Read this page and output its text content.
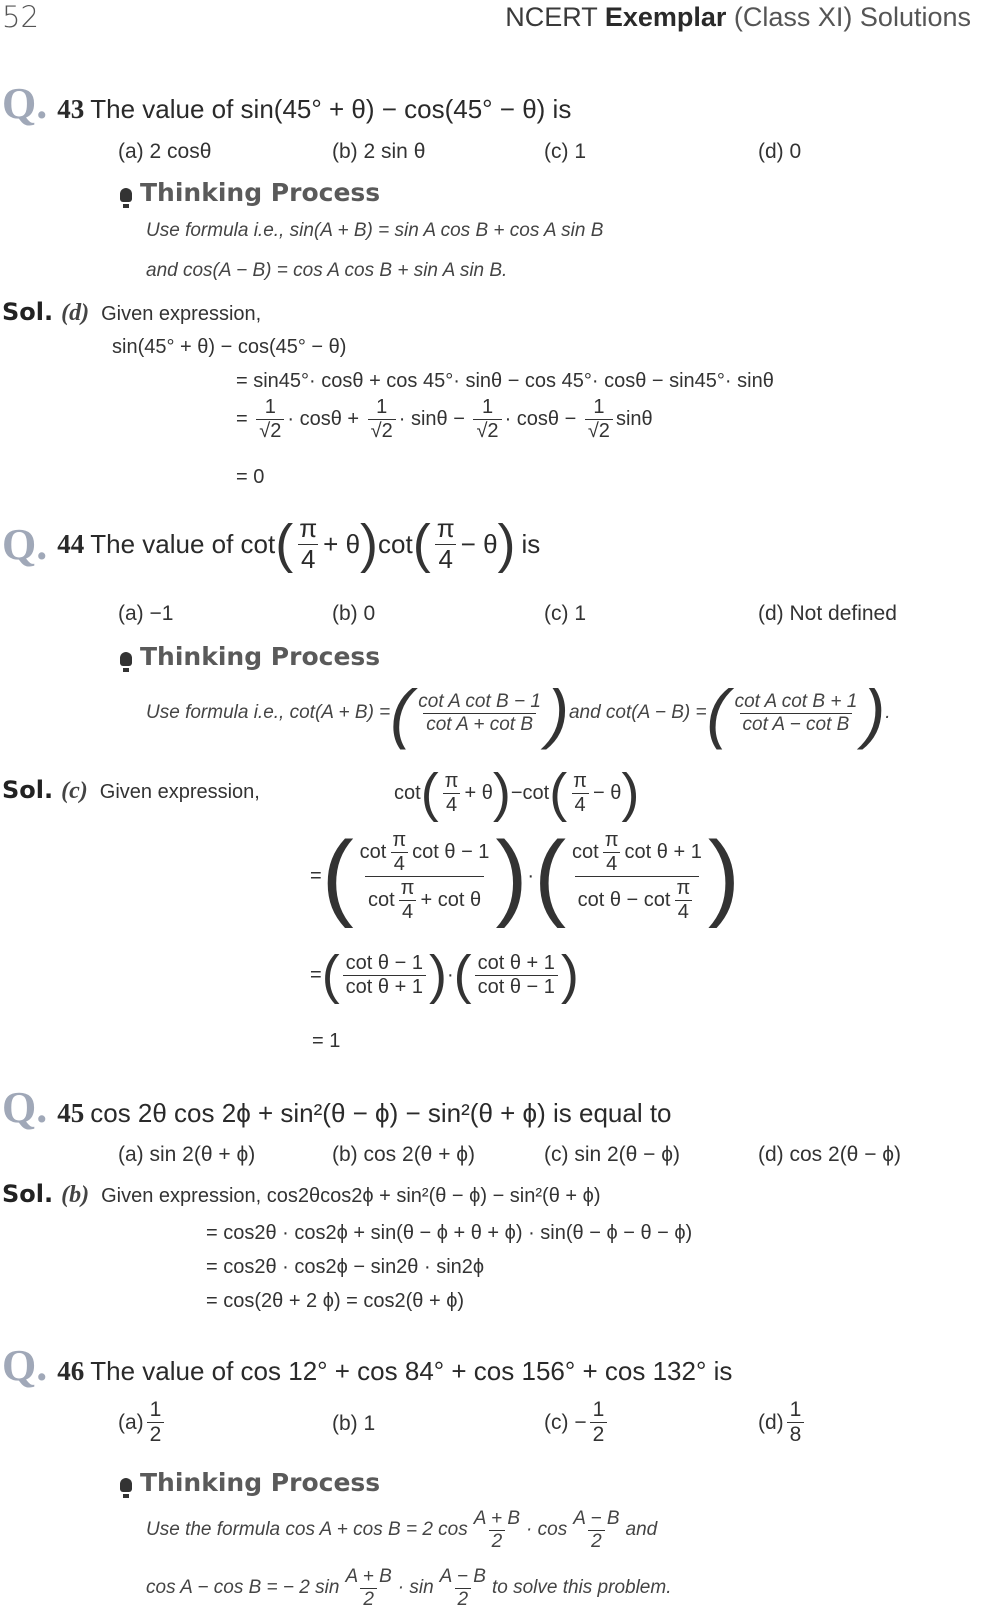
52	NCERT Exemplar (Class XI) Solutions
Q. 43 The value of sin(45° + θ) − cos(45° − θ) is
(a) 2 cosθ	(b) 2 sin θ	(c) 1	(d) 0
Thinking Process
Use formula i.e., sin(A + B) = sin A cos B + cos A sin B
and cos(A − B) = cos A cos B + sin A sin B.
Sol. (d) Given expression,
sin(45° + θ) − cos(45° − θ)
= sin45°· cosθ + cos 45°· sinθ − cos 45°· cosθ − sin45°· sinθ
= $\frac{1}{√2} \cdot \cos\theta + \frac{1}{√2} \cdot \sin\theta - \frac{1}{√2} \cdot \cos\theta - \frac{1}{√2}$ sinθ
= 0
Q. 44 The value of cot ( $\frac{\pi}{4} + \theta$ ) cot ( $\frac{\pi}{4} - \theta$ ) is
(a) −1	(b) 0	(c) 1	(d) Not defined
Thinking Process
Use formula i.e., cot(A + B) = ( $\frac{\text{cot A cot B − 1}}{\text{cot A + cot B}}$ ) and cot(A − B) = ( $\frac{\text{cot A cot B + 1}}{\text{cot A − cot B}}$ ) .
Sol. (c) Given expression,	cot ( $\frac{\pi}{4} + \theta$ ) −cot ( $\frac{\pi}{4} - \theta$ )
= ( $\frac{\cot \frac{\pi}{4} \cot \theta - 1}{\cot \frac{\pi}{4} + \cot \theta}$ ) · ( $\frac{\cot \frac{\pi}{4} \cot \theta + 1}{\cot \theta - \cot \frac{\pi}{4}}$ )
= ( $\frac{\text{cot θ − 1}}{\text{cot θ + 1}}$ ) · ( $\frac{\text{cot θ + 1}}{\text{cot θ − 1}}$ )
= 1
Q. 45 cos 2θ cos 2ϕ + sin²(θ − ϕ) − sin²(θ + ϕ) is equal to
(a) sin 2(θ + ϕ)	(b) cos 2(θ + ϕ)	(c) sin 2(θ − ϕ)	(d) cos 2(θ − ϕ)
Sol. (b) Given expression, cos2θcos2ϕ + sin²(θ − ϕ) − sin²(θ + ϕ)
= cos2θ · cos2ϕ + sin(θ − ϕ + θ + ϕ) · sin(θ − ϕ − θ − ϕ)
= cos2θ · cos2ϕ − sin2θ · sin2ϕ
= cos(2θ + 2 ϕ) = cos2(θ + ϕ)
Q. 46 The value of cos 12° + cos 84° + cos 156° + cos 132° is
$(a) \frac{1}{2}$	(b) 1	$(c) - \frac{1}{2}$	$(d) \frac{1}{8}$
Thinking Process
Use the formula cos A + cos B = 2 $\cos \frac{A + B}{2} \cdot \cos \frac{A - B}{2}$ and
cos A − cos B = − 2 $\sin \frac{A + B}{2} \cdot \sin \frac{A - B}{2}$ to solve this problem.
